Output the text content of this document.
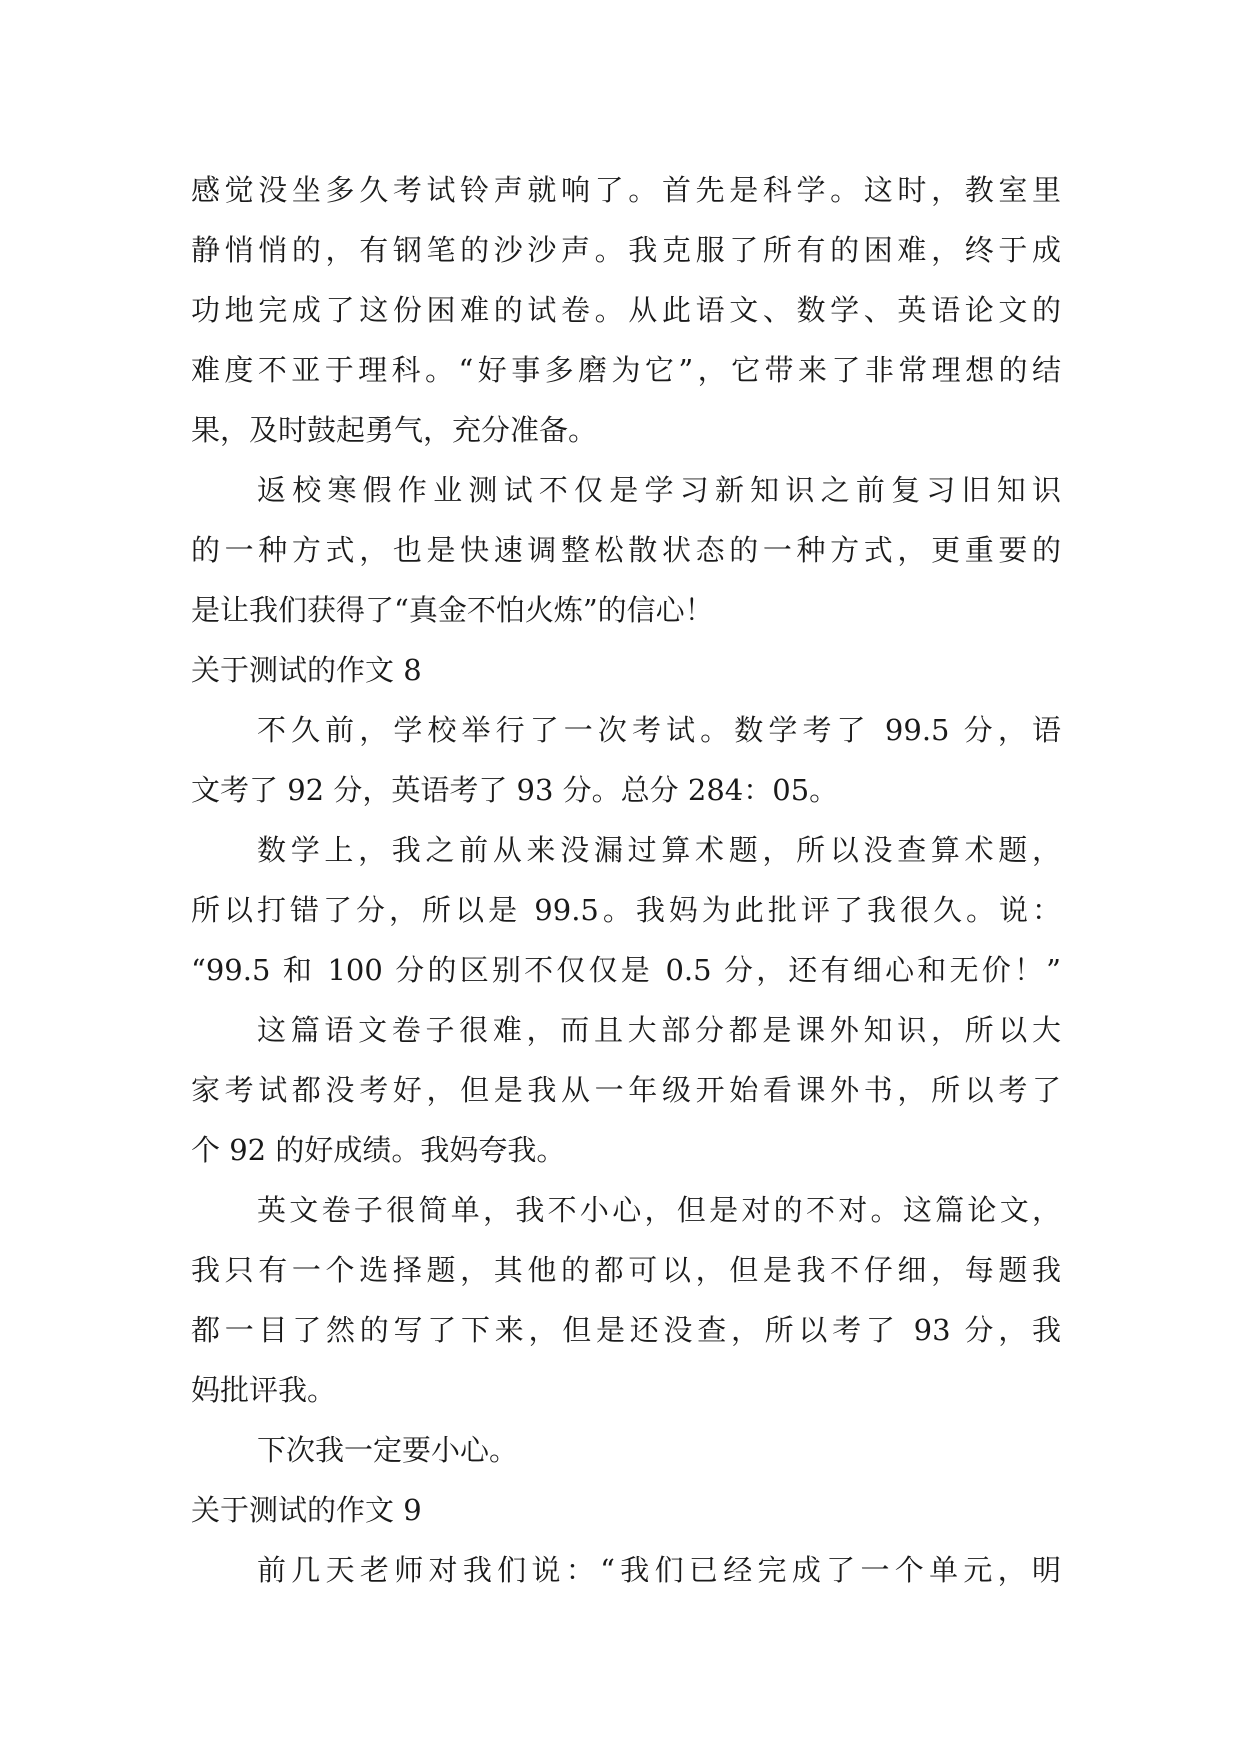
感觉没坐多久考试铃声就响了。首先是科学。这时，教室里
静悄悄的，有钢笔的沙沙声。我克服了所有的困难，终于成
功地完成了这份困难的试卷。从此语文、数学、英语论文的
难度不亚于理科。“好事多磨为它”，它带来了非常理想的结
果，及时鼓起勇气，充分准备。
返校寒假作业测试不仅是学习新知识之前复习旧知识
的一种方式，也是快速调整松散状态的一种方式，更重要的
是让我们获得了“真金不怕火炼”的信心！
关于测试的作文 8
不久前，学校举行了一次考试。数学考了 99.5 分，语
文考了 92 分，英语考了 93 分。总分 284：05。
数学上，我之前从来没漏过算术题，所以没查算术题，
所以打错了分，所以是 99.5。我妈为此批评了我很久。说：
“99.5 和 100 分的区别不仅仅是 0.5 分，还有细心和无价！”
这篇语文卷子很难，而且大部分都是课外知识，所以大
家考试都没考好，但是我从一年级开始看课外书，所以考了
个 92 的好成绩。我妈夸我。
英文卷子很简单，我不小心，但是对的不对。这篇论文，
我只有一个选择题，其他的都可以，但是我不仔细，每题我
都一目了然的写了下来，但是还没查，所以考了 93 分，我
妈批评我。
下次我一定要小心。
关于测试的作文 9
前几天老师对我们说：“我们已经完成了一个单元，明
